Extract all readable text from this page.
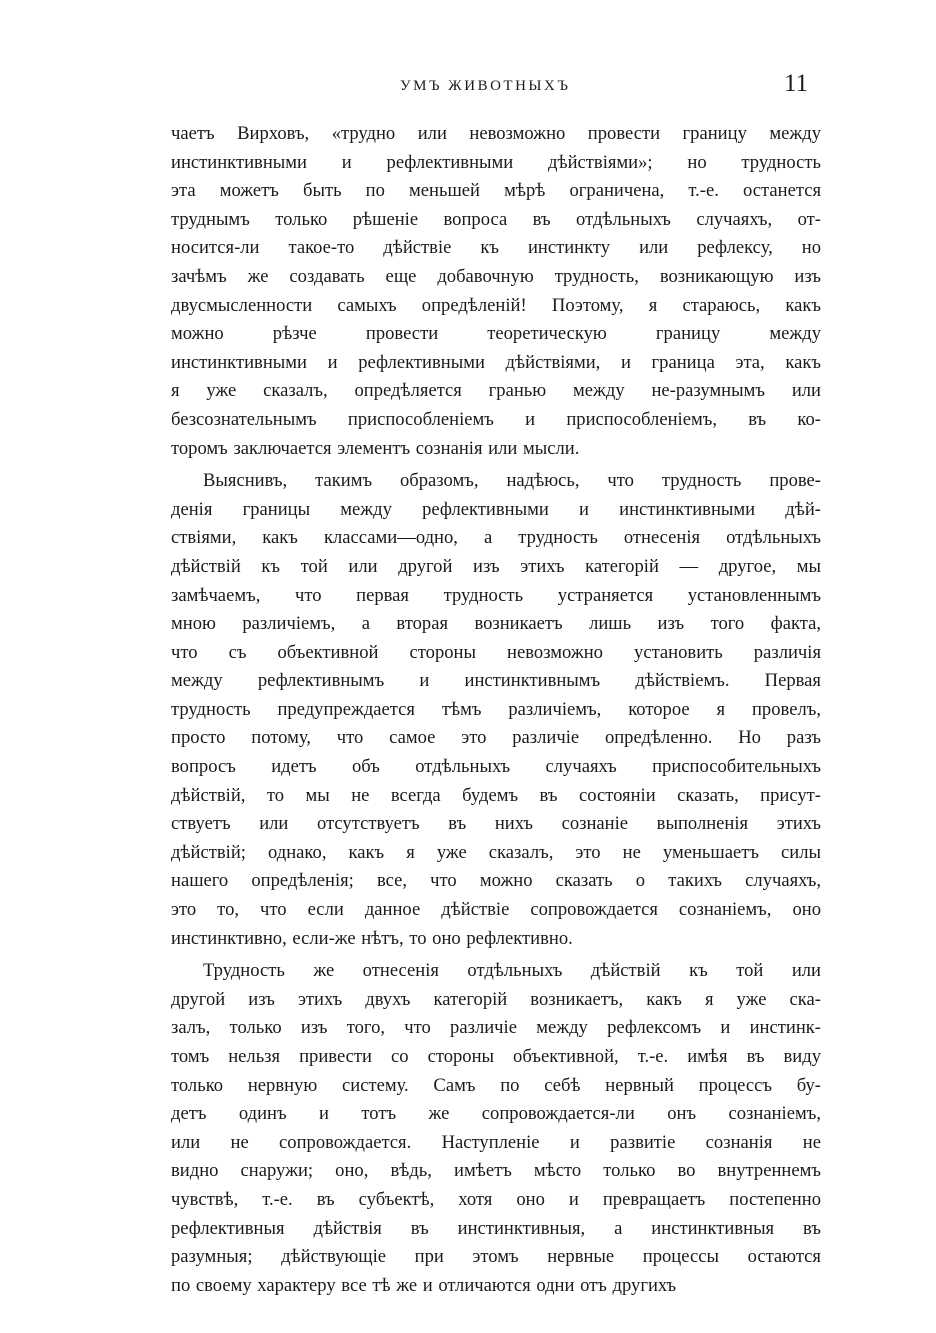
УМЪ ЖИВОТНЫХЪ	11
чаетъ Вирховъ, «трудно или невозможно провести границу между
инстинктивными и рефлективными дѣйствіями»; но трудность
эта можетъ быть по меньшей мѣрѣ ограничена, т.-е. останется
труднымъ только рѣшеніе вопроса въ отдѣльныхъ случаяхъ, от-
носится-ли такое-то дѣйствіе къ инстинкту или рефлексу, но
зачѣмъ же создавать еще добавочную трудность, возникающую изъ
двусмысленности самыхъ опредѣленій! Поэтому, я стараюсь, какъ
можно рѣзче провести теоретическую границу между
инстинктивными и рефлективными дѣйствіями, и граница эта, какъ
я уже сказалъ, опредѣляется гранью между не-разумнымъ или
безсознательнымъ приспособленіемъ и приспособленіемъ, въ ко-
торомъ заключается элементъ сознанія или мысли.
Выяснивъ, такимъ образомъ, надѣюсь, что трудность прове-
денія границы между рефлективными и инстинктивными дѣй-
ствіями, какъ классами—одно, а трудность отнесенія отдѣльныхъ
дѣйствій къ той или другой изъ этихъ категорій — другое, мы
замѣчаемъ, что первая трудность устраняется установленнымъ
мною различіемъ, а вторая возникаетъ лишь изъ того факта,
что съ объективной стороны невозможно установить различія
между рефлективнымъ и инстинктивнымъ дѣйствіемъ. Первая
трудность предупреждается тѣмъ различіемъ, которое я провелъ,
просто потому, что самое это различіе опредѣленно. Но разъ
вопросъ идетъ объ отдѣльныхъ случаяхъ приспособительныхъ
дѣйствій, то мы не всегда будемъ въ состояніи сказать, присут-
ствуетъ или отсутствуетъ въ нихъ сознаніе выполненія этихъ
дѣйствій; однако, какъ я уже сказалъ, это не уменьшаетъ силы
нашего опредѣленія; все, что можно сказать о такихъ случаяхъ,
это то, что если данное дѣйствіе сопровождается сознаніемъ, оно
инстинктивно, если-же нѣтъ, то оно рефлективно.
Трудность же отнесенія отдѣльныхъ дѣйствій къ той или
другой изъ этихъ двухъ категорій возникаетъ, какъ я уже ска-
залъ, только изъ того, что различіе между рефлексомъ и инстинк-
томъ нельзя привести со стороны объективной, т.-е. имѣя въ виду
только нервную систему. Самъ по себѣ нервный процессъ бу-
детъ одинъ и тотъ же сопровождается-ли онъ сознаніемъ,
или не сопровождается. Наступленіе и развитіе сознанія не
видно снаружи; оно, вѣдь, имѣетъ мѣсто только во внутреннемъ
чувствѣ, т.-е. въ субъектѣ, хотя оно и превращаетъ постепенно
рефлективныя дѣйствія въ инстинктивныя, а инстинктивныя въ
разумныя; дѣйствующіе при этомъ нервные процессы остаются
по своему характеру все тѣ же и отличаются одни отъ другихъ
